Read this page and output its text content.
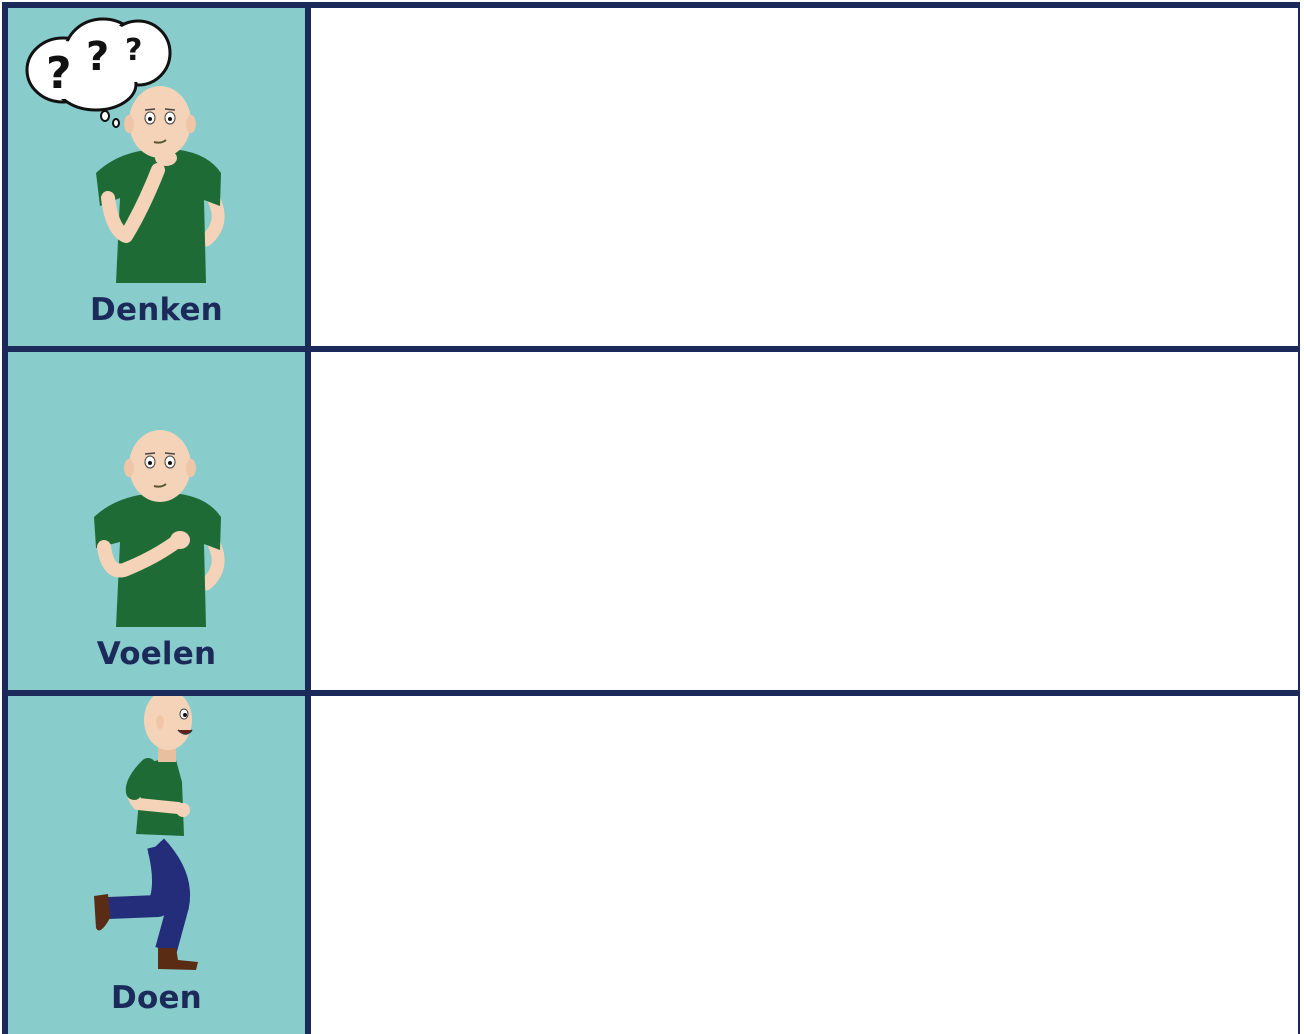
? ? ?
Denken
Voelen
Doen
